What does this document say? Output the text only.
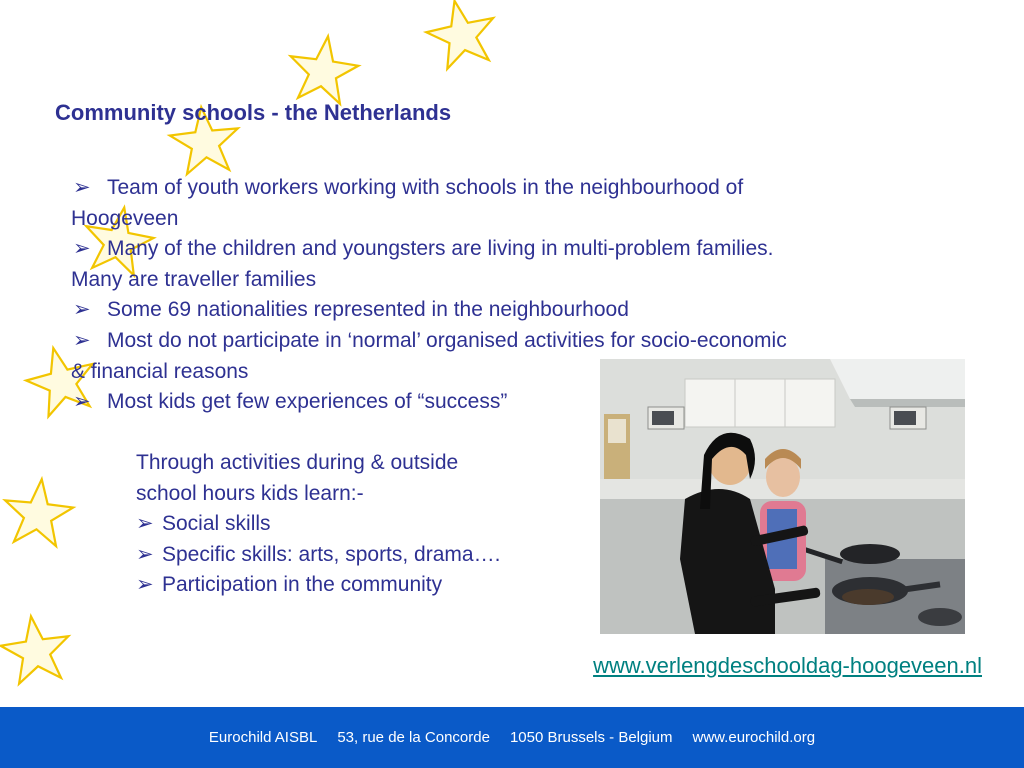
Community schools - the Netherlands

➢ Team of youth workers working with schools in the neighbourhood of

Hoogeveen

➢ Many of the children and youngsters are living in multi-problem families.

Many are traveller families

➢ Some 69 nationalities represented in the neighbourhood

➢ Most do not participate in ‘normal’ organised activities for socio-economic

& financial reasons

➢ Most kids get few experiences of “success”

Through activities during & outside

school hours kids learn:-

➢ Social skills

➢ Specific skills: arts, sports, drama….

➢ Participation in the community

www.verlengdeschooldag-hoogeveen.nl
Eurochild AISBL 53, rue de la Concorde 1050 Brussels - Belgium www.eurochild.org
